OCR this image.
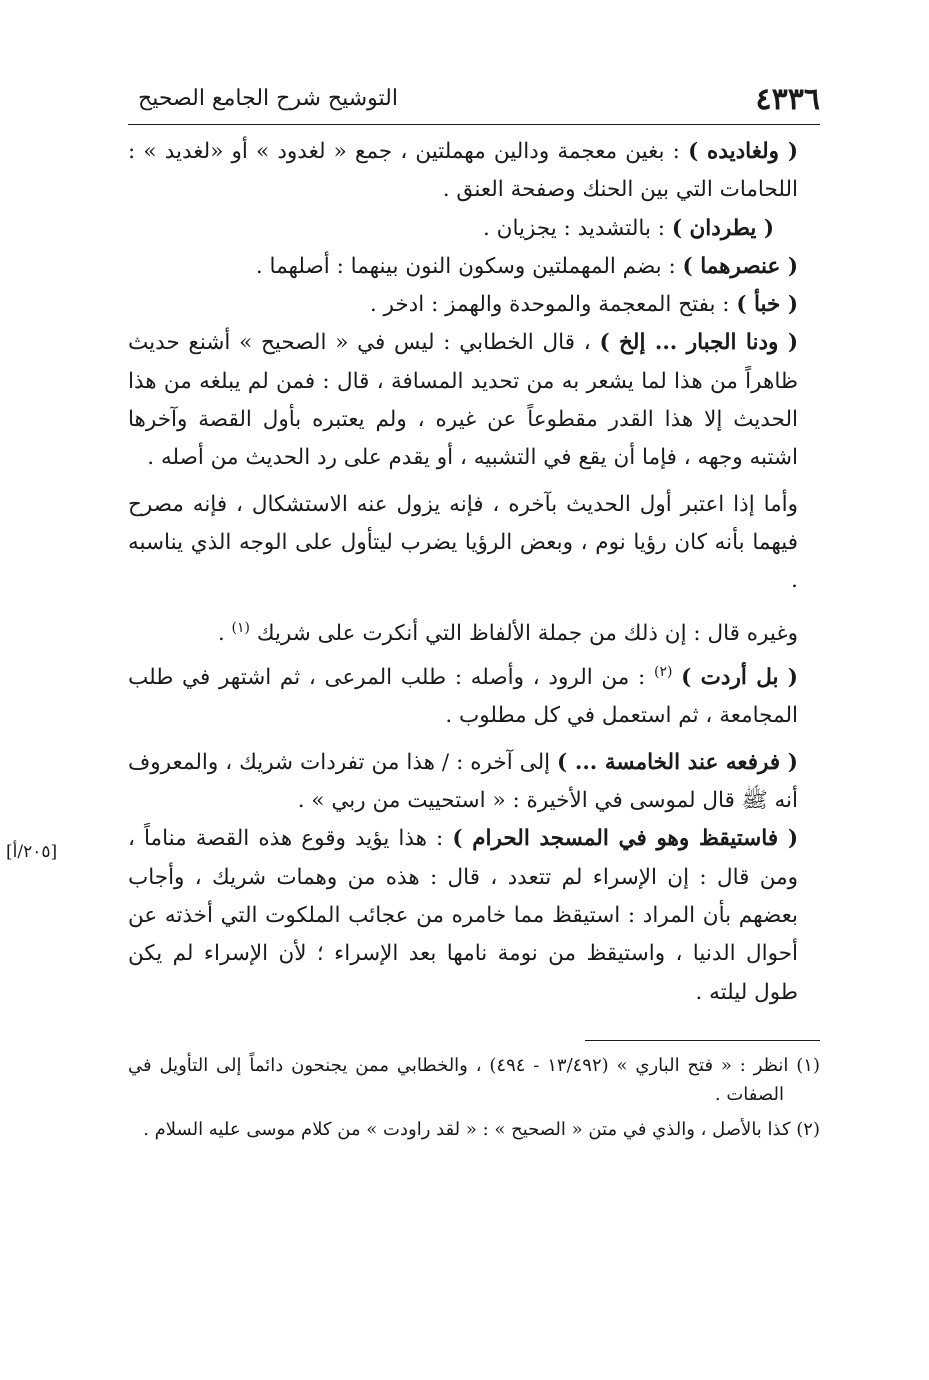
٤٣٣٦
التوشيح شرح الجامع الصحيح

( ولغاديده ) : بغين معجمة ودالين مهملتين ، جمع « لغدود » أو «لغديد » : اللحامات التي بين الحنك وصفحة العنق .

( يطردان ) : بالتشديد : يجزيان .

( عنصرهما ) : بضم المهملتين وسكون النون بينهما : أصلهما .

( خبأ ) : بفتح المعجمة والموحدة والهمز : ادخر .

( ودنا الجبار ... إلخ ) ، قال الخطابي : ليس في « الصحيح » أشنع حديث ظاهراً من هذا لما يشعر به من تحديد المسافة ، قال : فمن لم يبلغه من هذا الحديث إلا هذا القدر مقطوعاً عن غيره ، ولم يعتبره بأول القصة وآخرها اشتبه وجهه ، فإما أن يقع في التشبيه ، أو يقدم على رد الحديث من أصله .

وأما إذا اعتبر أول الحديث بآخره ، فإنه يزول عنه الاستشكال ، فإنه مصرح فيهما بأنه كان رؤيا نوم ، وبعض الرؤيا يضرب ليتأول على الوجه الذي يناسبه .

وغيره قال : إن ذلك من جملة الألفاظ التي أنكرت على شريك $^{(١)}$ .

( بل أردت ) $^{(٢)}$ : من الرود ، وأصله : طلب المرعى ، ثم اشتهر في طلب المجامعة ، ثم استعمل في كل مطلوب .

( فرفعه عند الخامسة ... ) إلى آخره : / هذا من تفردات شريك ، والمعروف أنه ﷺ قال لموسى في الأخيرة : « استحييت من ربي » .

( فاستيقظ وهو في المسجد الحرام ) : هذا يؤيد وقوع هذه القصة مناماً ، ومن قال : إن الإسراء لم تتعدد ، قال : هذه من وهمات شريك ، وأجاب بعضهم بأن المراد : استيقظ مما خامره من عجائب الملكوت التي أخذته عن أحوال الدنيا ، واستيقظ من نومة نامها بعد الإسراء ؛ لأن الإسراء لم يكن طول ليلته .

(١) انظر : « فتح الباري » (١٣/٤٩٢ - ٤٩٤) ، والخطابي ممن يجنحون دائماً إلى التأويل في الصفات .

(٢) كذا بالأصل ، والذي في متن « الصحيح » : « لقد راودت » من كلام موسى عليه السلام .

[٢٠٥/أ]
